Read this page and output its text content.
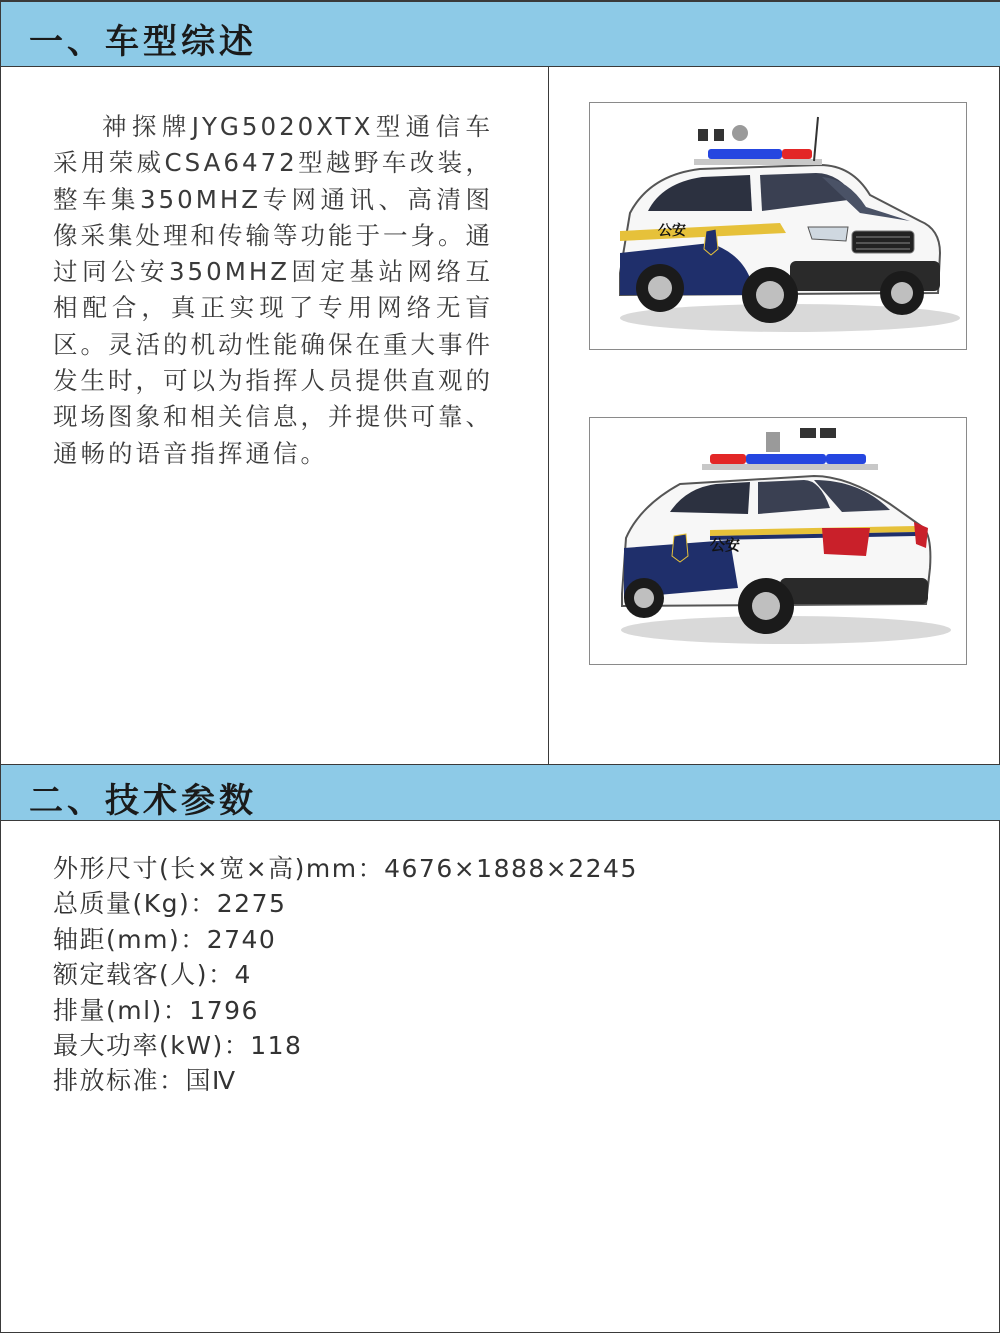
一、车型综述

神探牌JYG5020XTX型通信车采用荣威CSA6472型越野车改装，整车集350MHZ专网通讯、高清图像采集处理和传输等功能于一身。通过同公安350MHZ固定基站网络互相配合，真正实现了专用网络无盲区。灵活的机动性能确保在重大事件发生时，可以为指挥人员提供直观的现场图象和相关信息，并提供可靠、通畅的语音指挥通信。

公安
公安
二、技术参数
外形尺寸(长×宽×高)mm：4676×1888×2245
总质量(Kg)：2275
轴距(mm)：2740
额定载客(人)：4
排量(ml)：1796
最大功率(kW)：118
排放标准：国Ⅳ
